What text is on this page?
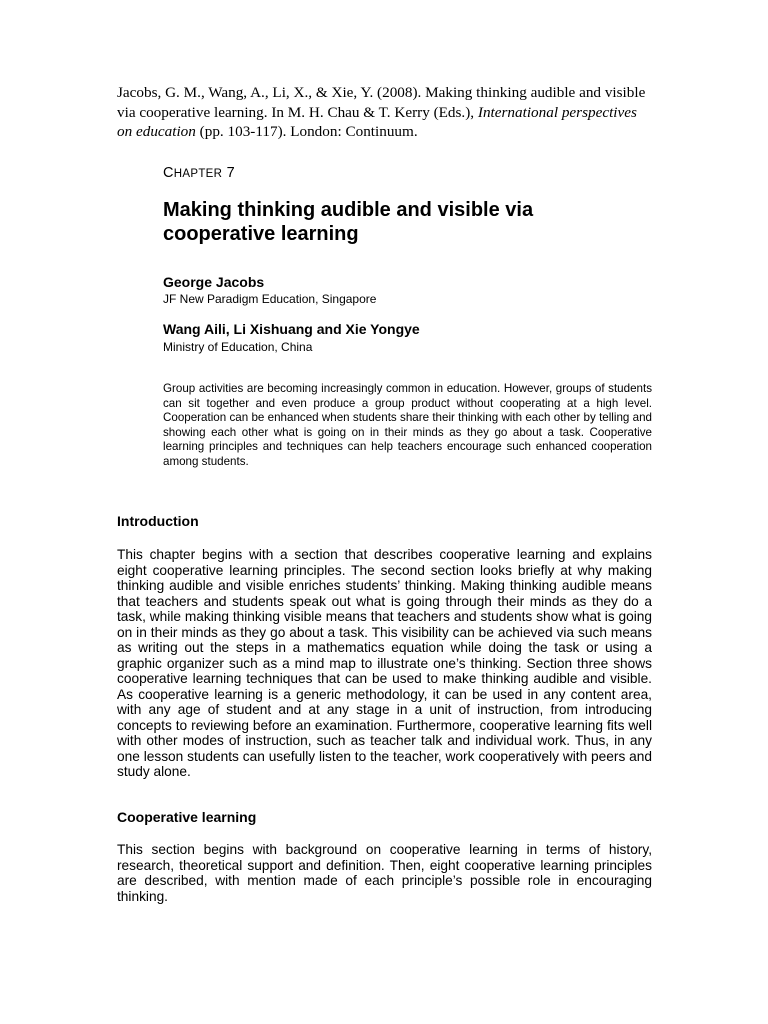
Jacobs, G. M., Wang, A., Li, X., & Xie, Y. (2008). Making thinking audible and visible via cooperative learning. In M. H. Chau & T. Kerry (Eds.), International perspectives on education (pp. 103-117). London: Continuum.
CHAPTER 7
Making thinking audible and visible via cooperative learning
George Jacobs
JF New Paradigm Education, Singapore
Wang Aili, Li Xishuang and Xie Yongye
Ministry of Education, China
Group activities are becoming increasingly common in education. However, groups of students can sit together and even produce a group product without cooperating at a high level. Cooperation can be enhanced when students share their thinking with each other by telling and showing each other what is going on in their minds as they go about a task. Cooperative learning principles and techniques can help teachers encourage such enhanced cooperation among students.
Introduction
This chapter begins with a section that describes cooperative learning and explains eight cooperative learning principles. The second section looks briefly at why making thinking audible and visible enriches students’ thinking. Making thinking audible means that teachers and students speak out what is going through their minds as they do a task, while making thinking visible means that teachers and students show what is going on in their minds as they go about a task. This visibility can be achieved via such means as writing out the steps in a mathematics equation while doing the task or using a graphic organizer such as a mind map to illustrate one’s thinking. Section three shows cooperative learning techniques that can be used to make thinking audible and visible. As cooperative learning is a generic methodology, it can be used in any content area, with any age of student and at any stage in a unit of instruction, from introducing concepts to reviewing before an examination. Furthermore, cooperative learning fits well with other modes of instruction, such as teacher talk and individual work. Thus, in any one lesson students can usefully listen to the teacher, work cooperatively with peers and study alone.
Cooperative learning
This section begins with background on cooperative learning in terms of history, research, theoretical support and definition. Then, eight cooperative learning principles are described, with mention made of each principle’s possible role in encouraging thinking.
